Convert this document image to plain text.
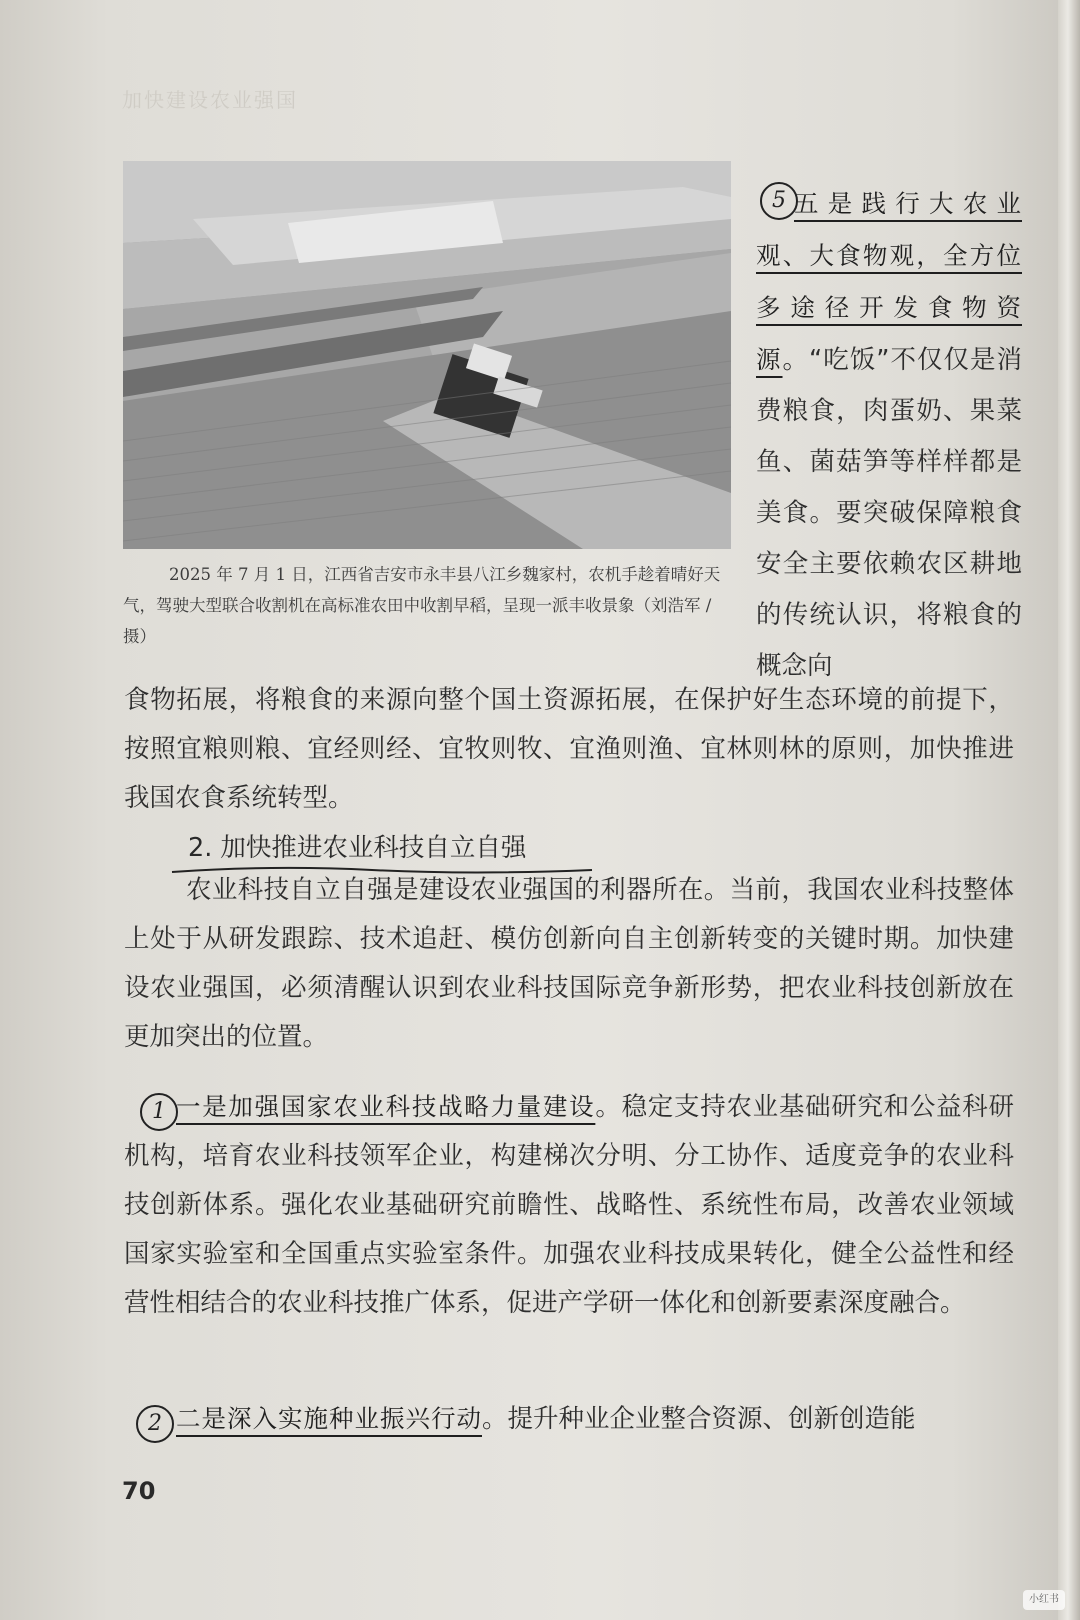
加快建设农业强国

2025 年 7 月 1 日，江西省吉安市永丰县八江乡魏家村，农机手趁着晴好天气，驾驶大型联合收割机在高标准农田中收割早稻，呈现一派丰收景象（刘浩军 / 摄）

5 五是践行大农业观、大食物观，全方位多途径开发食物资源。“吃饭”不仅仅是消费粮食，肉蛋奶、果菜鱼、菌菇笋等样样都是美食。要突破保障粮食安全主要依赖农区耕地的传统认识，将粮食的概念向

食物拓展，将粮食的来源向整个国土资源拓展，在保护好生态环境的前提下，按照宜粮则粮、宜经则经、宜牧则牧、宜渔则渔、宜林则林的原则，加快推进我国农食系统转型。

2. 加快推进农业科技自立自强

农业科技自立自强是建设农业强国的利器所在。当前，我国农业科技整体上处于从研发跟踪、技术追赶、模仿创新向自主创新转变的关键时期。加快建设农业强国，必须清醒认识到农业科技国际竞争新形势，把农业科技创新放在更加突出的位置。

1 一是加强国家农业科技战略力量建设。稳定支持农业基础研究和公益科研机构，培育农业科技领军企业，构建梯次分明、分工协作、适度竞争的农业科技创新体系。强化农业基础研究前瞻性、战略性、系统性布局，改善农业领域国家实验室和全国重点实验室条件。加强农业科技成果转化，健全公益性和经营性相结合的农业科技推广体系，促进产学研一体化和创新要素深度融合。

2 二是深入实施种业振兴行动。提升种业企业整合资源、创新创造能

70

小红书
